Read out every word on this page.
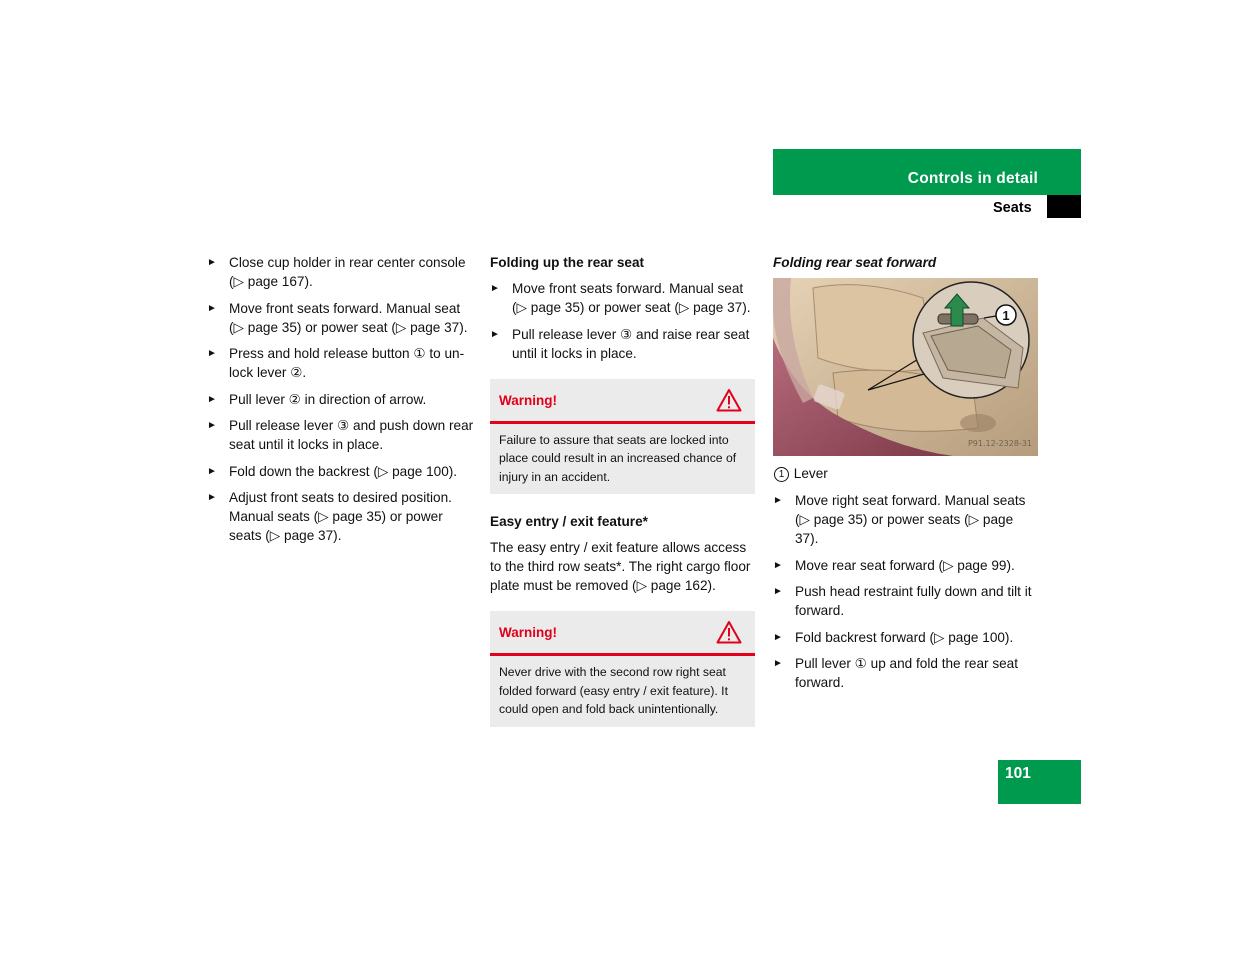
Controls in detail
Seats
► Close cup holder in rear center console (▷ page 167).
► Move front seats forward. Manual seat (▷ page 35) or power seat (▷ page 37).
► Press and hold release button ① to unlock lever ②.
► Pull lever ② in direction of arrow.
► Pull release lever ③ and push down rear seat until it locks in place.
► Fold down the backrest (▷ page 100).
► Adjust front seats to desired position. Manual seats (▷ page 35) or power seats (▷ page 37).

Folding up the rear seat

► Move front seats forward. Manual seat (▷ page 35) or power seat (▷ page 37).
► Pull release lever ③ and raise rear seat until it locks in place.
Warning!
Failure to assure that seats are locked into place could result in an increased chance of injury in an accident.

Easy entry / exit feature*

The easy entry / exit feature allows access to the third row seats*. The right cargo floor plate must be removed (▷ page 162).

Warning!
Never drive with the second row right seat folded forward (easy entry / exit feature). It could open and fold back unintentionally.

Folding rear seat forward

1
P91.12-2328-31

1 Lever

► Move right seat forward. Manual seats (▷ page 35) or power seats (▷ page 37).
► Move rear seat forward (▷ page 99).
► Push head restraint fully down and tilt it forward.
► Fold backrest forward (▷ page 100).
► Pull lever ① up and fold the rear seat forward.
101
